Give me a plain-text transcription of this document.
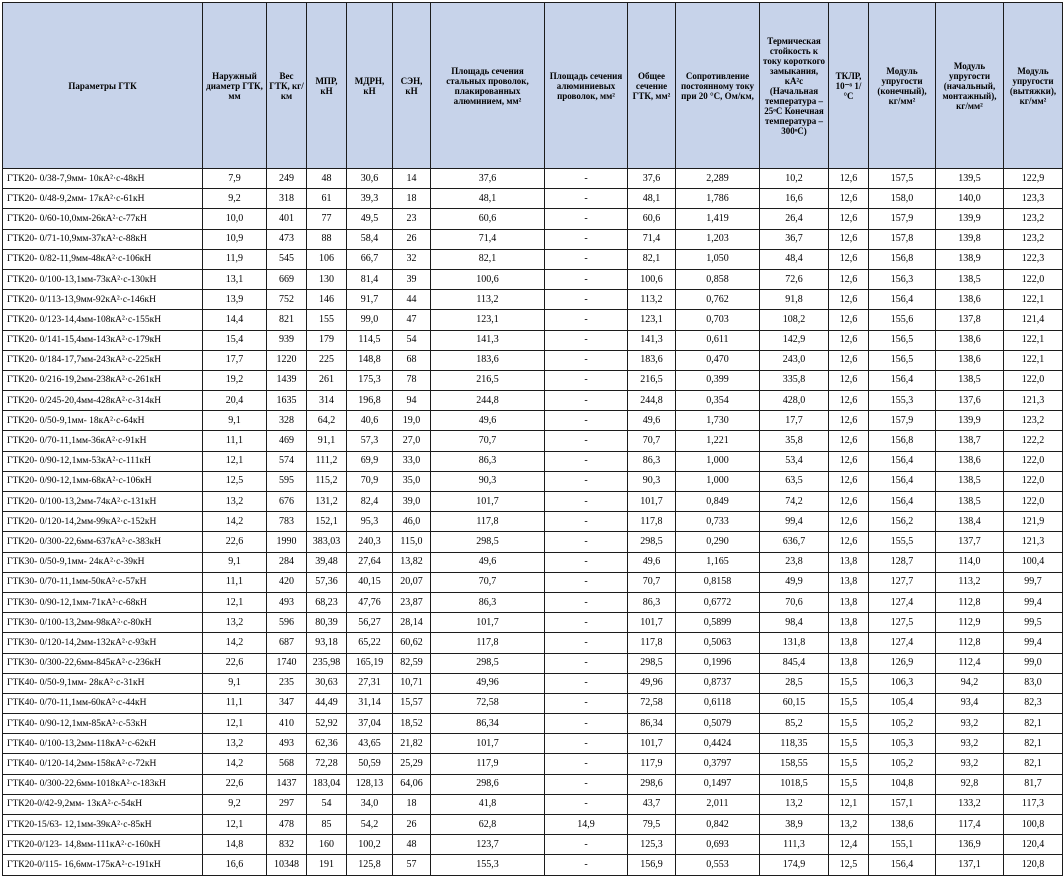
Параметры ГТК	Наружный диаметр ГТК, мм	Вес ГТК, кг/км	МПР, кН	МДРН, кН	СЭН, кН	Площадь сечения стальных проволок, плакированных алюминием, мм²	Площадь сечения алюминиевых проволок, мм²	Общее сечение ГТК, мм²	Сопротивление постоянному току при 20 °С, Ом/км,	Термическая стойкость к току короткого замыкания, кА²с (Начальная температура – 25ᵒС Конечная температура – 300ᵒС)	ТКЛР, 10⁻⁶ 1/°С	Модуль упругости (конечный), кг/мм²	Модуль упругости (начальный, монтажный), кг/мм²	Модуль упругости (вытяжки), кг/мм²
ГТК20- 0/38-7,9мм- 10кА²·с-48кН	7,9	249	48	30,6	14	37,6	-	37,6	2,289	10,2	12,6	157,5	139,5	122,9
ГТК20- 0/48-9,2мм- 17кА²·с-61кН	9,2	318	61	39,3	18	48,1	-	48,1	1,786	16,6	12,6	158,0	140,0	123,3
ГТК20- 0/60-10,0мм-26кА²·с-77кН	10,0	401	77	49,5	23	60,6	-	60,6	1,419	26,4	12,6	157,9	139,9	123,2
ГТК20- 0/71-10,9мм-37кА²·с-88кН	10,9	473	88	58,4	26	71,4	-	71,4	1,203	36,7	12,6	157,8	139,8	123,2
ГТК20- 0/82-11,9мм-48кА²·с-106кН	11,9	545	106	66,7	32	82,1	-	82,1	1,050	48,4	12,6	156,8	138,9	122,3
ГТК20- 0/100-13,1мм-73кА²·с-130кН	13,1	669	130	81,4	39	100,6	-	100,6	0,858	72,6	12,6	156,3	138,5	122,0
ГТК20- 0/113-13,9мм-92кА²·с-146кН	13,9	752	146	91,7	44	113,2	-	113,2	0,762	91,8	12,6	156,4	138,6	122,1
ГТК20- 0/123-14,4мм-108кА²·с-155кН	14,4	821	155	99,0	47	123,1	-	123,1	0,703	108,2	12,6	155,6	137,8	121,4
ГТК20- 0/141-15,4мм-143кА²·с-179кН	15,4	939	179	114,5	54	141,3	-	141,3	0,611	142,9	12,6	156,5	138,6	122,1
ГТК20- 0/184-17,7мм-243кА²·с-225кН	17,7	1220	225	148,8	68	183,6	-	183,6	0,470	243,0	12,6	156,5	138,6	122,1
ГТК20- 0/216-19,2мм-238кА²·с-261кН	19,2	1439	261	175,3	78	216,5	-	216,5	0,399	335,8	12,6	156,4	138,5	122,0
ГТК20- 0/245-20,4мм-428кА²·с-314кН	20,4	1635	314	196,8	94	244,8	-	244,8	0,354	428,0	12,6	155,3	137,6	121,3
ГТК20- 0/50-9,1мм- 18кА²·с-64кН	9,1	328	64,2	40,6	19,0	49,6	-	49,6	1,730	17,7	12,6	157,9	139,9	123,2
ГТК20- 0/70-11,1мм-36кА²·с-91кН	11,1	469	91,1	57,3	27,0	70,7	-	70,7	1,221	35,8	12,6	156,8	138,7	122,2
ГТК20- 0/90-12,1мм-53кА²·с-111кН	12,1	574	111,2	69,9	33,0	86,3	-	86,3	1,000	53,4	12,6	156,4	138,6	122,0
ГТК20- 0/90-12,1мм-68кА²·с-106кН	12,5	595	115,2	70,9	35,0	90,3	-	90,3	1,000	63,5	12,6	156,4	138,5	122,0
ГТК20- 0/100-13,2мм-74кА²·с-131кН	13,2	676	131,2	82,4	39,0	101,7	-	101,7	0,849	74,2	12,6	156,4	138,5	122,0
ГТК20- 0/120-14,2мм-99кА²·с-152кН	14,2	783	152,1	95,3	46,0	117,8	-	117,8	0,733	99,4	12,6	156,2	138,4	121,9
ГТК20- 0/300-22,6мм-637кА²·с-383кН	22,6	1990	383,03	240,3	115,0	298,5	-	298,5	0,290	636,7	12,6	155,5	137,7	121,3
ГТК30- 0/50-9,1мм- 24кА²·с-39кН	9,1	284	39,48	27,64	13,82	49,6	-	49,6	1,165	23,8	13,8	128,7	114,0	100,4
ГТК30- 0/70-11,1мм-50кА²·с-57кН	11,1	420	57,36	40,15	20,07	70,7	-	70,7	0,8158	49,9	13,8	127,7	113,2	99,7
ГТК30- 0/90-12,1мм-71кА²·с-68кН	12,1	493	68,23	47,76	23,87	86,3	-	86,3	0,6772	70,6	13,8	127,4	112,8	99,4
ГТК30- 0/100-13,2мм-98кА²·с-80кН	13,2	596	80,39	56,27	28,14	101,7	-	101,7	0,5899	98,4	13,8	127,5	112,9	99,5
ГТК30- 0/120-14,2мм-132кА²·с-93кН	14,2	687	93,18	65,22	60,62	117,8	-	117,8	0,5063	131,8	13,8	127,4	112,8	99,4
ГТК30- 0/300-22,6мм-845кА²·с-236кН	22,6	1740	235,98	165,19	82,59	298,5	-	298,5	0,1996	845,4	13,8	126,9	112,4	99,0
ГТК40- 0/50-9,1мм- 28кА²·с-31кН	9,1	235	30,63	27,31	10,71	49,96	-	49,96	0,8737	28,5	15,5	106,3	94,2	83,0
ГТК40- 0/70-11,1мм-60кА²·с-44кН	11,1	347	44,49	31,14	15,57	72,58	-	72,58	0,6118	60,15	15,5	105,4	93,4	82,3
ГТК40- 0/90-12,1мм-85кА²·с-53кН	12,1	410	52,92	37,04	18,52	86,34	-	86,34	0,5079	85,2	15,5	105,2	93,2	82,1
ГТК40- 0/100-13,2мм-118кА²·с-62кН	13,2	493	62,36	43,65	21,82	101,7	-	101,7	0,4424	118,35	15,5	105,3	93,2	82,1
ГТК40- 0/120-14,2мм-158кА²·с-72кН	14,2	568	72,28	50,59	25,29	117,9	-	117,9	0,3797	158,55	15,5	105,2	93,2	82,1
ГТК40- 0/300-22,6мм-1018кА²·с-183кН	22,6	1437	183,04	128,13	64,06	298,6	-	298,6	0,1497	1018,5	15,5	104,8	92,8	81,7
ГТК20-0/42-9,2мм- 13кА²·с-54кН	9,2	297	54	34,0	18	41,8	-	43,7	2,011	13,2	12,1	157,1	133,2	117,3
ГТК20-15/63- 12,1мм-39кА²·с-85кН	12,1	478	85	54,2	26	62,8	14,9	79,5	0,842	38,9	13,2	138,6	117,4	100,8
ГТК20-0/123- 14,8мм-111кА²·с-160кН	14,8	832	160	100,2	48	123,7	-	125,3	0,693	111,3	12,4	155,1	136,9	120,4
ГТК20-0/115- 16,6мм-175кА²·с-191кН	16,6	10348	191	125,8	57	155,3	-	156,9	0,553	174,9	12,5	156,4	137,1	120,8
